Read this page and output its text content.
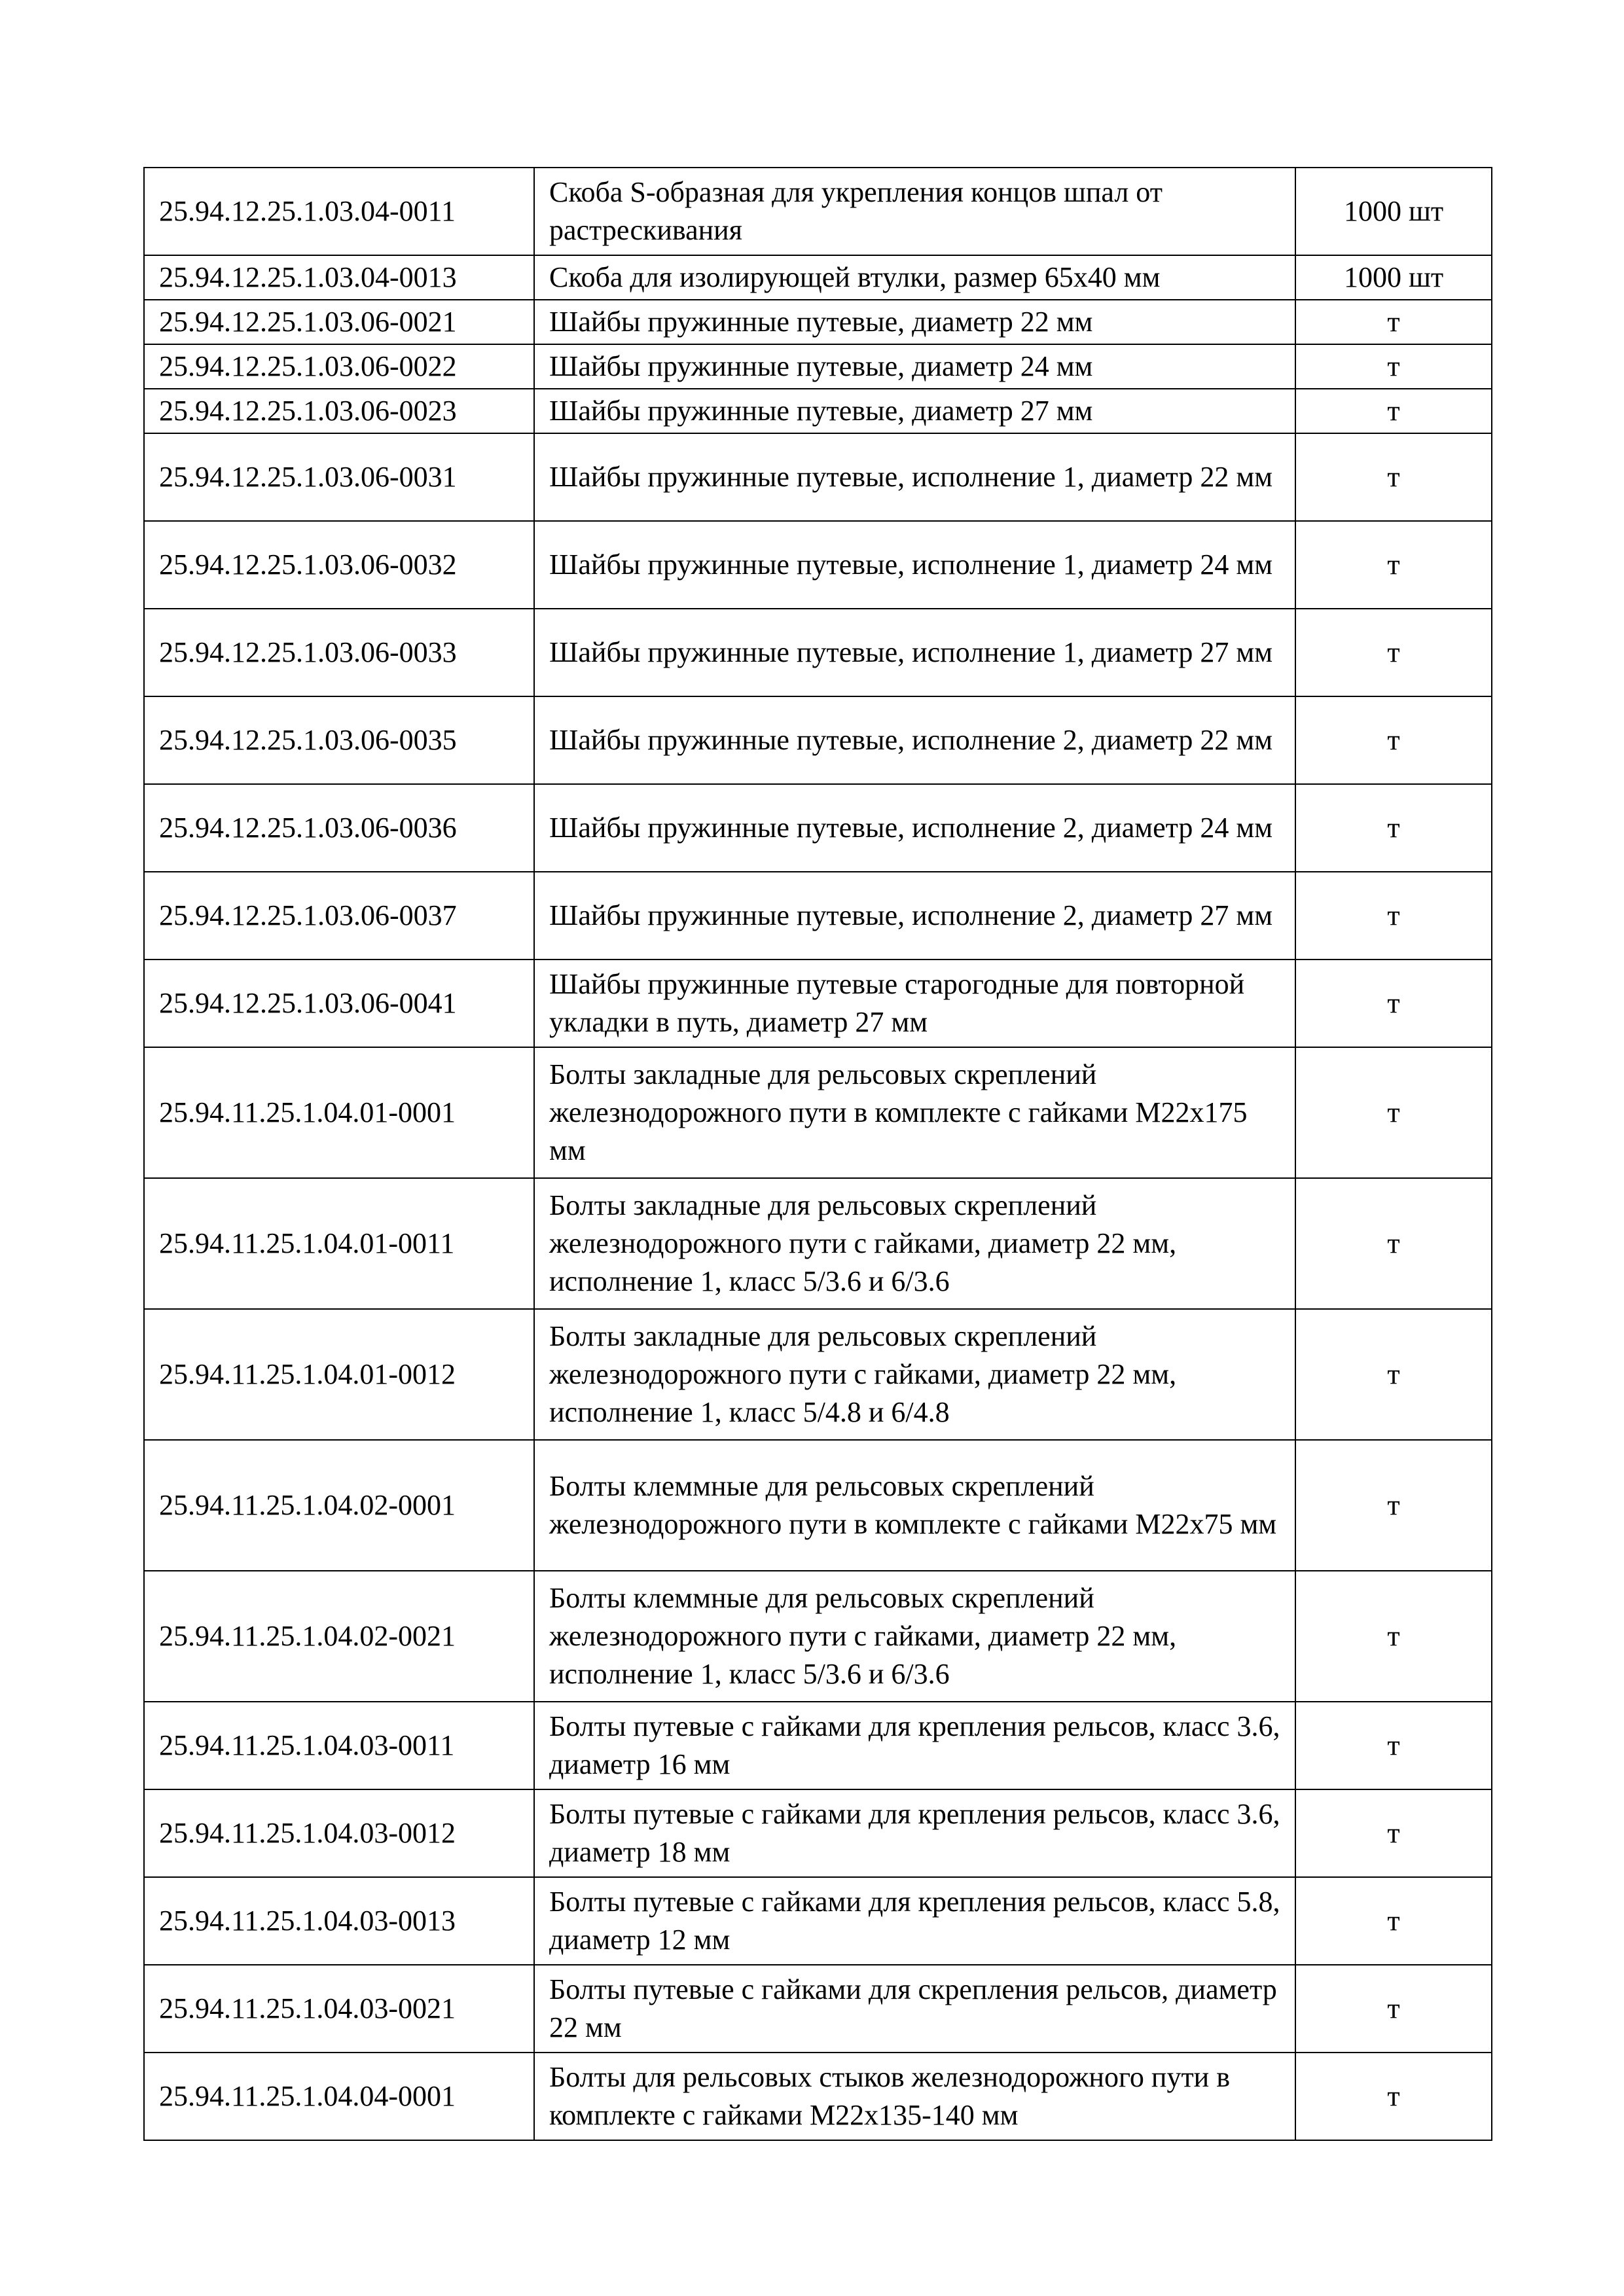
25.94.12.25.1.03.04-0011	Скоба S-образная для укрепления концов шпал от растрескивания	1000 шт
25.94.12.25.1.03.04-0013	Скоба для изолирующей втулки, размер 65х40 мм	1000 шт
25.94.12.25.1.03.06-0021	Шайбы пружинные путевые, диаметр 22 мм	т
25.94.12.25.1.03.06-0022	Шайбы пружинные путевые, диаметр 24 мм	т
25.94.12.25.1.03.06-0023	Шайбы пружинные путевые, диаметр 27 мм	т
25.94.12.25.1.03.06-0031	Шайбы пружинные путевые, исполнение 1, диаметр 22 мм	т
25.94.12.25.1.03.06-0032	Шайбы пружинные путевые, исполнение 1, диаметр 24 мм	т
25.94.12.25.1.03.06-0033	Шайбы пружинные путевые, исполнение 1, диаметр 27 мм	т
25.94.12.25.1.03.06-0035	Шайбы пружинные путевые, исполнение 2, диаметр 22 мм	т
25.94.12.25.1.03.06-0036	Шайбы пружинные путевые, исполнение 2, диаметр 24 мм	т
25.94.12.25.1.03.06-0037	Шайбы пружинные путевые, исполнение 2, диаметр 27 мм	т
25.94.12.25.1.03.06-0041	Шайбы пружинные путевые старогодные для повторной укладки в путь, диаметр 27 мм	т
25.94.11.25.1.04.01-0001	Болты закладные для рельсовых скреплений железнодорожного пути в комплекте с гайками М22х175 мм	т
25.94.11.25.1.04.01-0011	Болты закладные для рельсовых скреплений железнодорожного пути с гайками, диаметр 22 мм, исполнение 1, класс 5/3.6 и 6/3.6	т
25.94.11.25.1.04.01-0012	Болты закладные для рельсовых скреплений железнодорожного пути с гайками, диаметр 22 мм, исполнение 1, класс 5/4.8 и 6/4.8	т
25.94.11.25.1.04.02-0001	Болты клеммные для рельсовых скреплений железнодорожного пути в комплекте с гайками М22х75 мм	т
25.94.11.25.1.04.02-0021	Болты клеммные для рельсовых скреплений железнодорожного пути с гайками, диаметр 22 мм, исполнение 1, класс 5/3.6 и 6/3.6	т
25.94.11.25.1.04.03-0011	Болты путевые с гайками для крепления рельсов, класс 3.6, диаметр 16 мм	т
25.94.11.25.1.04.03-0012	Болты путевые с гайками для крепления рельсов, класс 3.6, диаметр 18 мм	т
25.94.11.25.1.04.03-0013	Болты путевые с гайками для крепления рельсов, класс 5.8, диаметр 12 мм	т
25.94.11.25.1.04.03-0021	Болты путевые с гайками для скрепления рельсов, диаметр 22 мм	т
25.94.11.25.1.04.04-0001	Болты для рельсовых стыков железнодорожного пути в комплекте с гайками М22х135-140 мм	т
